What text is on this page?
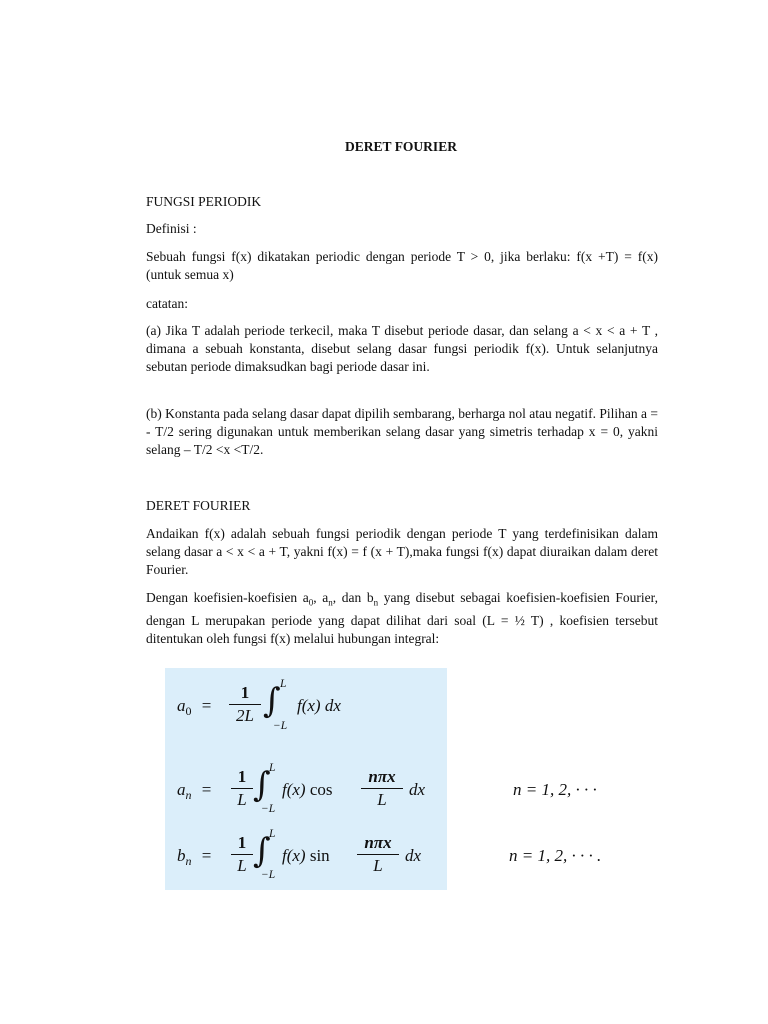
DERET FOURIER

FUNGSI PERIODIK

Definisi :

Sebuah fungsi f(x) dikatakan periodic dengan periode T > 0, jika berlaku: f(x +T) = f(x) (untuk semua x)

catatan:

(a) Jika T adalah periode terkecil, maka T disebut periode dasar, dan selang a < x < a + T , dimana a sebuah konstanta, disebut selang dasar fungsi periodik f(x). Untuk selanjutnya sebutan periode dimaksudkan bagi periode dasar ini.

(b) Konstanta pada selang dasar dapat dipilih sembarang, berharga nol atau negatif. Pilihan a = - T/2 sering digunakan untuk memberikan selang dasar yang simetris terhadap x = 0, yakni selang – T/2 <x <T/2.

DERET FOURIER

Andaikan f(x) adalah sebuah fungsi periodik dengan periode T yang terdefinisikan dalam selang dasar a < x < a + T, yakni f(x) = f (x + T),maka fungsi f(x) dapat diuraikan dalam deret Fourier.

Dengan koefisien-koefisien $a_0$, $a_n$, dan $b_n$ yang disebut sebagai koefisien-koefisien Fourier, dengan L merupakan periode yang dapat dilihat dari soal (L = ½ T) , koefisien tersebut ditentukan oleh fungsi f(x) melalui hubungan integral:

$a_0$ =
1
2L ∫ L
−L
f(x) dx
$a_n$ =
1
L ∫
L
−L
f(x) cos
nπx
L
dx
$b_n$ =
1
L ∫
L
−L
f(x) sin
nπx
L
dx
n = 1, 2, · · ·
n = 1, 2, · · · .
